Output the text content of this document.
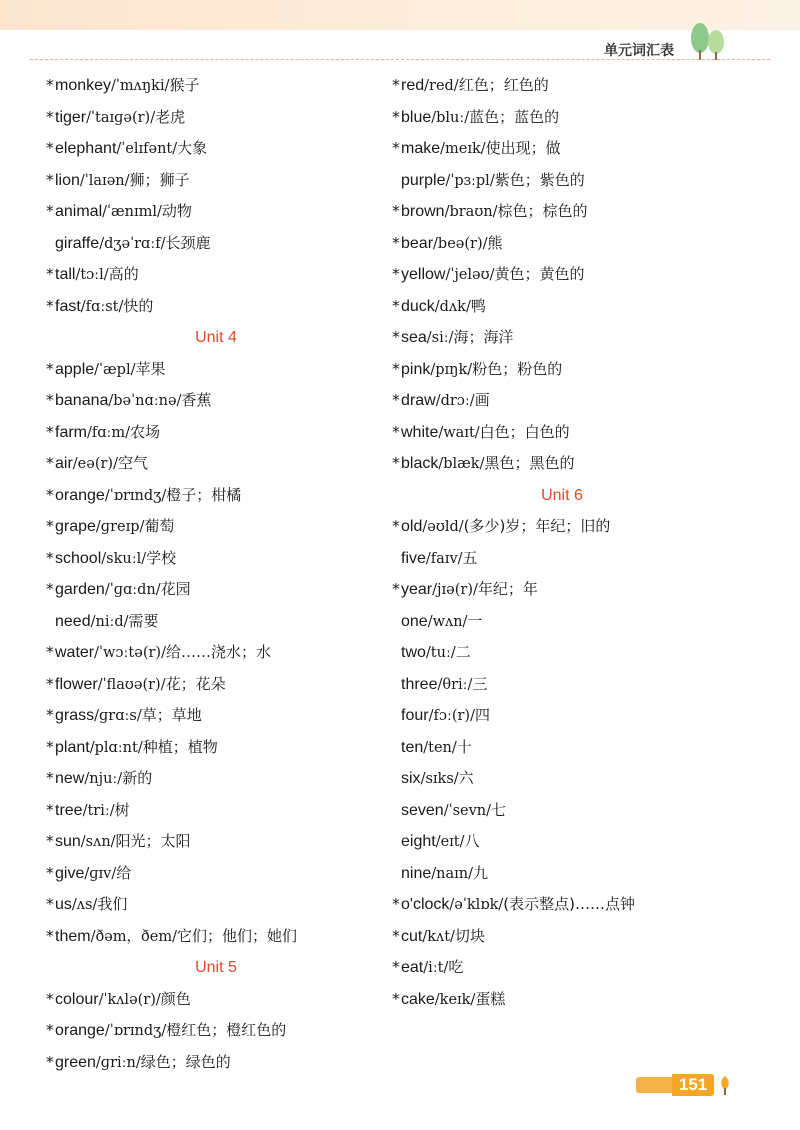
单元词汇表
*monkey/ˈmʌŋki/猴子
*tiger/ˈtaɪɡə(r)/老虎
*elephant/ˈelɪfənt/大象
*lion/ˈlaɪən/狮；狮子
*animal/ˈænɪml/动物
giraffe/dʒəˈrɑːf/长颈鹿
*tall/tɔːl/高的
*fast/fɑːst/快的
Unit 4
*apple/ˈæpl/苹果
*banana/bəˈnɑːnə/香蕉
*farm/fɑːm/农场
*air/eə(r)/空气
*orange/ˈɒrɪndʒ/橙子；柑橘
*grape/ɡreɪp/葡萄
*school/skuːl/学校
*garden/ˈɡɑːdn/花园
need/niːd/需要
*water/ˈwɔːtə(r)/给……浇水；水
*flower/ˈflaʊə(r)/花；花朵
*grass/ɡrɑːs/草；草地
*plant/plɑːnt/种植；植物
*new/njuː/新的
*tree/triː/树
*sun/sʌn/阳光；太阳
*give/ɡɪv/给
*us/ʌs/我们
*them/ðəm，ðem/它们；他们；她们
Unit 5
*colour/ˈkʌlə(r)/颜色
*orange/ˈɒrɪndʒ/橙红色；橙红色的
*green/ɡriːn/绿色；绿色的
*red/red/红色；红色的
*blue/bluː/蓝色；蓝色的
*make/meɪk/使出现；做
purple/ˈpɜːpl/紫色；紫色的
*brown/braʊn/棕色；棕色的
*bear/beə(r)/熊
*yellow/ˈjeləʊ/黄色；黄色的
*duck/dʌk/鸭
*sea/siː/海；海洋
*pink/pɪŋk/粉色；粉色的
*draw/drɔː/画
*white/waɪt/白色；白色的
*black/blæk/黑色；黑色的
Unit 6
*old/əʊld/(多少)岁；年纪；旧的
five/faɪv/五
*year/jɪə(r)/年纪；年
one/wʌn/一
two/tuː/二
three/θriː/三
four/fɔː(r)/四
ten/ten/十
six/sɪks/六
seven/ˈsevn/七
eight/eɪt/八
nine/naɪn/九
*o'clock/əˈklɒk/(表示整点)……点钟
*cut/kʌt/切块
*eat/iːt/吃
*cake/keɪk/蛋糕
151
